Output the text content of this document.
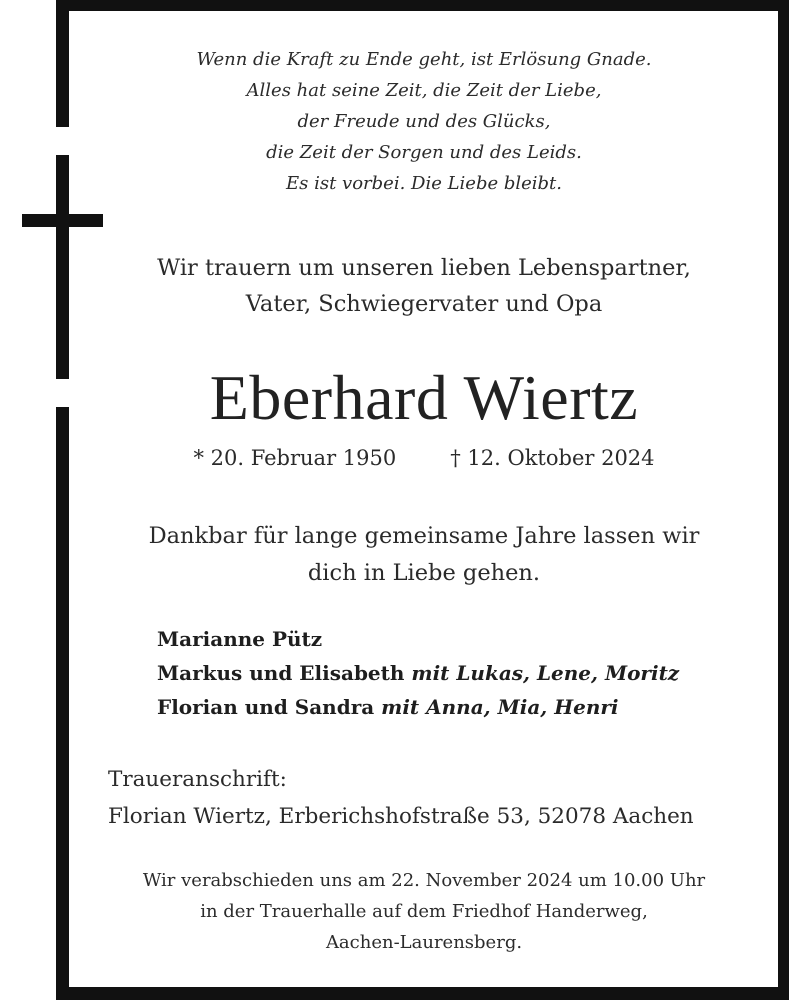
Wenn die Kraft zu Ende geht, ist Erlösung Gnade.
Alles hat seine Zeit, die Zeit der Liebe,
der Freude und des Glücks,
die Zeit der Sorgen und des Leids.
Es ist vorbei. Die Liebe bleibt.
Wir trauern um unseren lieben Lebenspartner,
Vater, Schwiegervater und Opa
Eberhard Wiertz
* 20. Februar 1950	† 12. Oktober 2024
Dankbar für lange gemeinsame Jahre lassen wir
dich in Liebe gehen.
Marianne Pütz
Markus und Elisabeth mit Lukas, Lene, Moritz
Florian und Sandra mit Anna, Mia, Henri
Traueranschrift:
Florian Wiertz, Erberichshofstraße 53, 52078 Aachen
Wir verabschieden uns am 22. November 2024 um 10.00 Uhr
in der Trauerhalle auf dem Friedhof Handerweg,
Aachen-Laurensberg.
